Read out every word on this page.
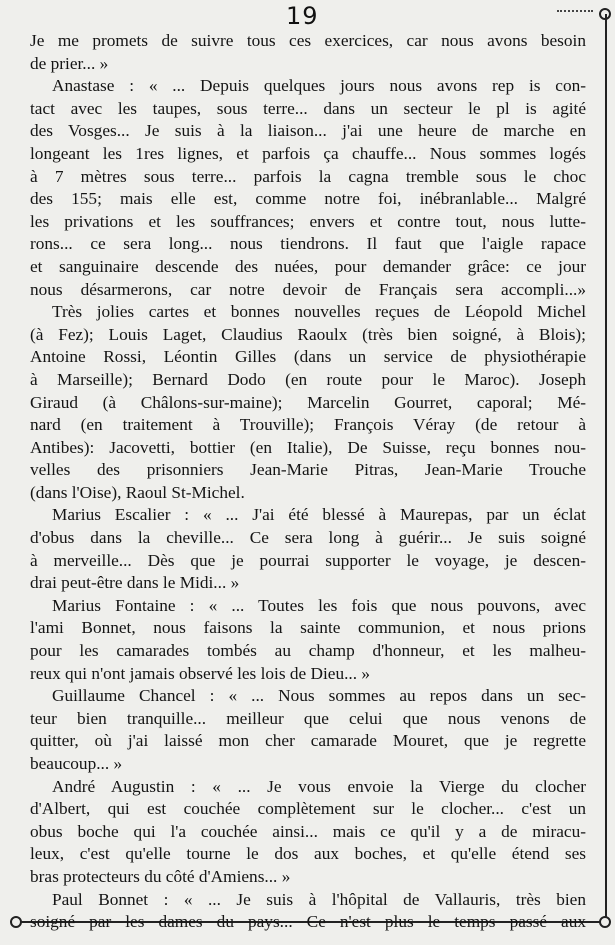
19
Je me promets de suivre tous ces exercices, car nous avons besoin
de prier... »
Anastase : « ... Depuis quelques jours nous avons rep is con-
tact avec les taupes, sous terre... dans un secteur le pl is agité
des Vosges... Je suis à la liaison... j'ai une heure de marche en
longeant les 1res lignes, et parfois ça chauffe... Nous sommes logés
à 7 mètres sous terre... parfois la cagna tremble sous le choc
des 155; mais elle est, comme notre foi, inébranlable... Malgré
les privations et les souffrances; envers et contre tout, nous lutte-
rons... ce sera long... nous tiendrons. Il faut que l'aigle rapace
et sanguinaire descende des nuées, pour demander grâce: ce jour
nous désarmerons, car notre devoir de Français sera accompli...»
Très jolies cartes et bonnes nouvelles reçues de Léopold Michel
(à Fez); Louis Laget, Claudius Raoulx (très bien soigné, à Blois);
Antoine Rossi, Léontin Gilles (dans un service de physiothérapie
à Marseille); Bernard Dodo (en route pour le Maroc). Joseph
Giraud (à Châlons-sur-maine); Marcelin Gourret, caporal; Mé-
nard (en traitement à Trouville); François Véray (de retour à
Antibes): Jacovetti, bottier (en Italie), De Suisse, reçu bonnes nou-
velles des prisonniers Jean-Marie Pitras, Jean-Marie Trouche
(dans l'Oise), Raoul St-Michel.
Marius Escalier : « ... J'ai été blessé à Maurepas, par un éclat
d'obus dans la cheville... Ce sera long à guérir... Je suis soigné
à merveille... Dès que je pourrai supporter le voyage, je descen-
drai peut-être dans le Midi... »
Marius Fontaine : « ... Toutes les fois que nous pouvons, avec
l'ami Bonnet, nous faisons la sainte communion, et nous prions
pour les camarades tombés au champ d'honneur, et les malheu-
reux qui n'ont jamais observé les lois de Dieu... »
Guillaume Chancel : « ... Nous sommes au repos dans un sec-
teur bien tranquille... meilleur que celui que nous venons de
quitter, où j'ai laissé mon cher camarade Mouret, que je regrette
beaucoup... »
André Augustin : « ... Je vous envoie la Vierge du clocher
d'Albert, qui est couchée complètement sur le clocher... c'est un
obus boche qui l'a couchée ainsi... mais ce qu'il y a de miracu-
leux, c'est qu'elle tourne le dos aux boches, et qu'elle étend ses
bras protecteurs du côté d'Amiens... »
Paul Bonnet : « ... Je suis à l'hôpital de Vallauris, très bien
soigné par les dames du pays... Ce n'est plus le temps passé aux
